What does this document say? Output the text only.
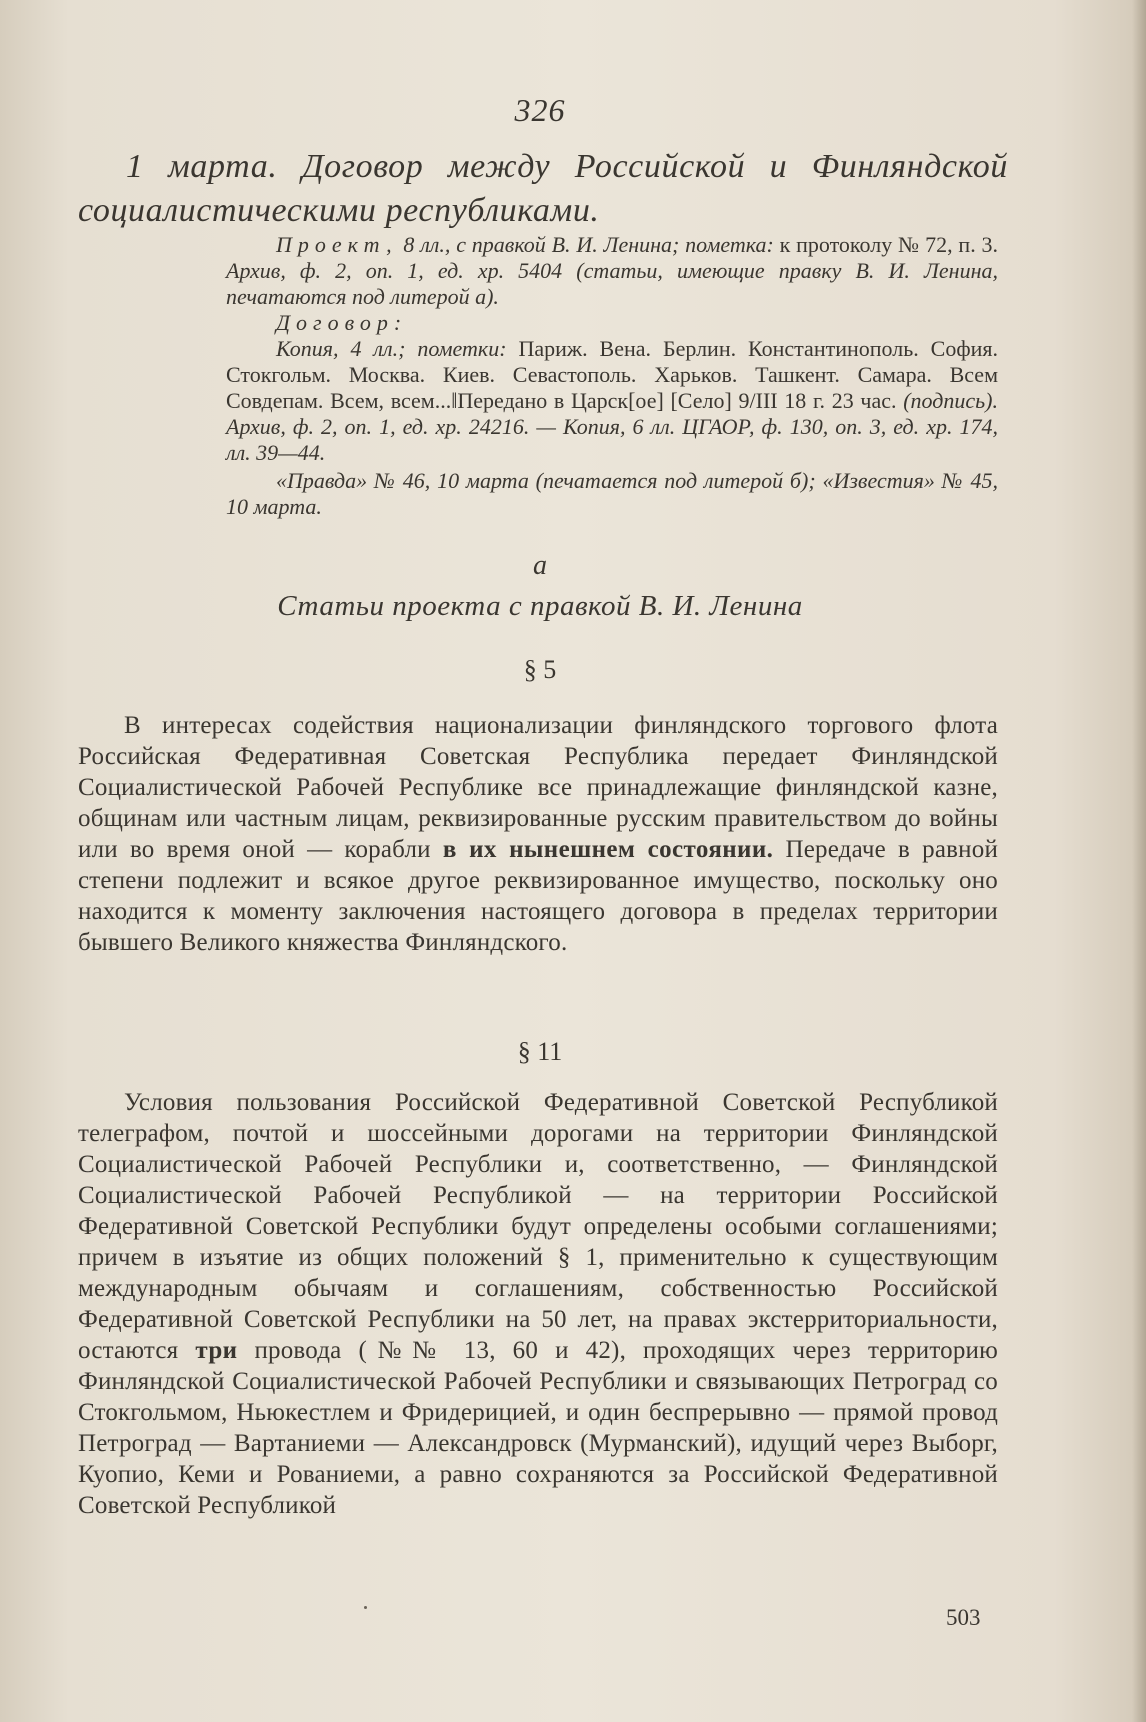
326
1 марта. Договор между Российской и Финляндской
социалистическими республиками.

Проект, 8 лл., с правкой В. И. Ленина; пометка: к протоколу № 72, п. 3. Архив, ф. 2, оп. 1, ед. хр. 5404 (статьи, имеющие правку В. И. Ленина, печатаются под литерой а).

Договор:

Копия, 4 лл.; пометки: Париж. Вена. Берлин. Константинополь. София. Стокгольм. Москва. Киев. Севастополь. Харьков. Ташкент. Самара. Всем Совдепам. Всем, всем...‖Передано в Царск[ое] [Село] 9/III 18 г. 23 час. (подпись). Архив, ф. 2, оп. 1, ед. хр. 24216. — Копия, 6 лл. ЦГАОР, ф. 130, оп. 3, ед. хр. 174, лл. 39—44.

«Правда» № 46, 10 марта (печатается под литерой б); «Известия» № 45, 10 марта.

а
Статьи проекта с правкой В. И. Ленина
§ 5

В интересах содействия национализации финляндского торгового флота Российская Федеративная Советская Республика передает Финляндской Социалистической Рабочей Республике все принадлежащие финляндской казне, общинам или частным лицам, реквизированные русским правительством до войны или во время оной — корабли в их нынешнем состоянии. Передаче в равной степени подлежит и всякое другое реквизированное имущество, поскольку оно находится к моменту заключения настоящего договора в пределах территории бывшего Великого княжества Финляндского.

§ 11

Условия пользования Российской Федеративной Советской Республикой телеграфом, почтой и шоссейными дорогами на территории Финляндской Социалистической Рабочей Республики и, соответственно, — Финляндской Социалистической Рабочей Республикой — на территории Российской Федеративной Советской Республики будут определены особыми соглашениями; причем в изъятие из общих положений § 1, применительно к существующим международным обычаям и соглашениям, собственностью Российской Федеративной Советской Республики на 50 лет, на правах экстерриториальности, остаются три провода (№№ 13, 60 и 42), проходящих через территорию Финляндской Социалистической Рабочей Республики и связывающих Петроград со Стокгольмом, Ньюкестлем и Фридерицией, и один беспрерывно — прямой провод Петроград — Вартаниеми — Александровск (Мурманский), идущий через Выборг, Куопио, Кеми и Рованиеми, а равно сохраняются за Российской Федеративной Советской Республикой

503
